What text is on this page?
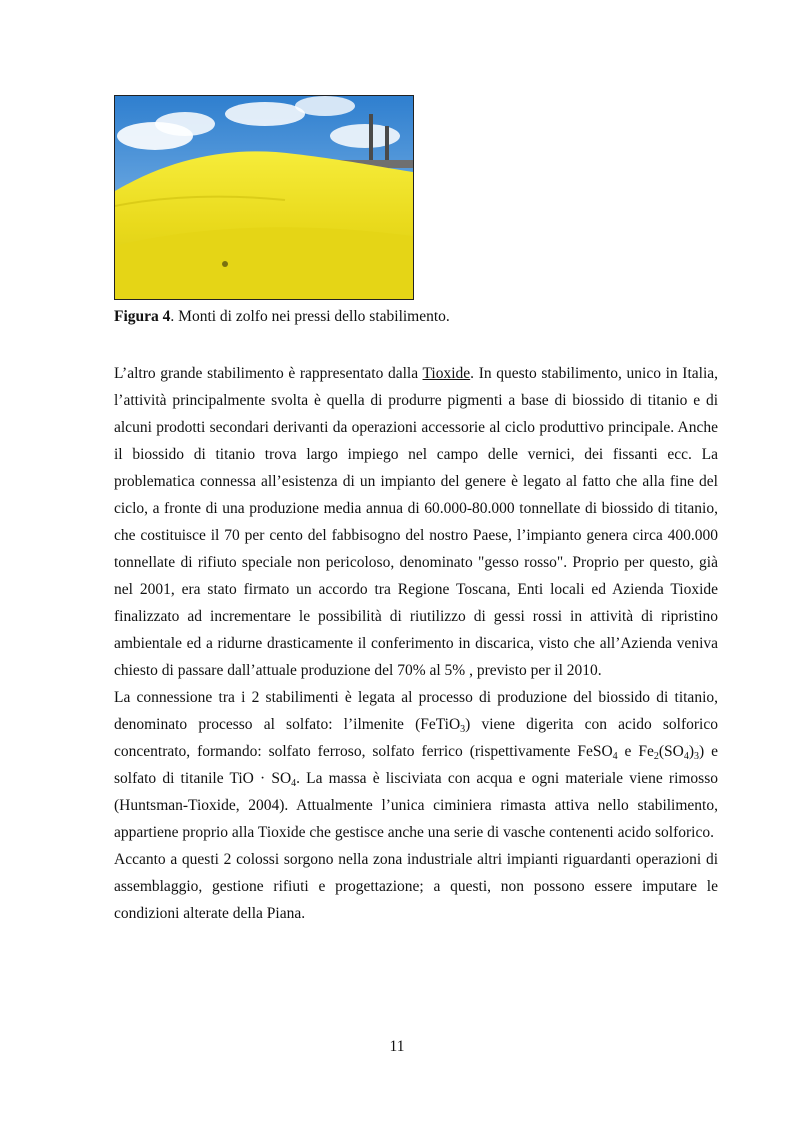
Figura 4. Monti di zolfo nei pressi dello stabilimento.

L’altro grande stabilimento è rappresentato dalla Tioxide. In questo stabilimento, unico in Italia, l’attività principalmente svolta è quella di produrre pigmenti a base di biossido di titanio e di alcuni prodotti secondari derivanti da operazioni accessorie al ciclo produttivo principale. Anche il biossido di titanio trova largo impiego nel campo delle vernici, dei fissanti ecc. La problematica connessa all’esistenza di un impianto del genere è legato al fatto che alla fine del ciclo, a fronte di una produzione media annua di 60.000-80.000 tonnellate di biossido di titanio, che costituisce il 70 per cento del fabbisogno del nostro Paese, l’impianto genera circa 400.000 tonnellate di rifiuto speciale non pericoloso, denominato "gesso rosso". Proprio per questo, già nel 2001, era stato firmato un accordo tra Regione Toscana, Enti locali ed Azienda Tioxide finalizzato ad incrementare le possibilità di riutilizzo di gessi rossi in attività di ripristino ambientale ed a ridurne drasticamente il conferimento in discarica, visto che all’Azienda veniva chiesto di passare dall’attuale produzione del 70% al 5% , previsto per il 2010.

La connessione tra i 2 stabilimenti è legata al processo di produzione del biossido di titanio, denominato processo al solfato: l’ilmenite (FeTiO$_3$) viene digerita con acido solforico concentrato, formando: solfato ferroso, solfato ferrico (rispettivamente FeSO$_4$ e $Fe_2(SO_4)_3$) e solfato di titanile TiO · $SO_4$. La massa è lisciviata con acqua e ogni materiale viene rimosso (Huntsman-Tioxide, 2004). Attualmente l’unica ciminiera rimasta attiva nello stabilimento, appartiene proprio alla Tioxide che gestisce anche una serie di vasche contenenti acido solforico.

Accanto a questi 2 colossi sorgono nella zona industriale altri impianti riguardanti operazioni di assemblaggio, gestione rifiuti e progettazione; a questi, non possono essere imputare le condizioni alterate della Piana.

11
